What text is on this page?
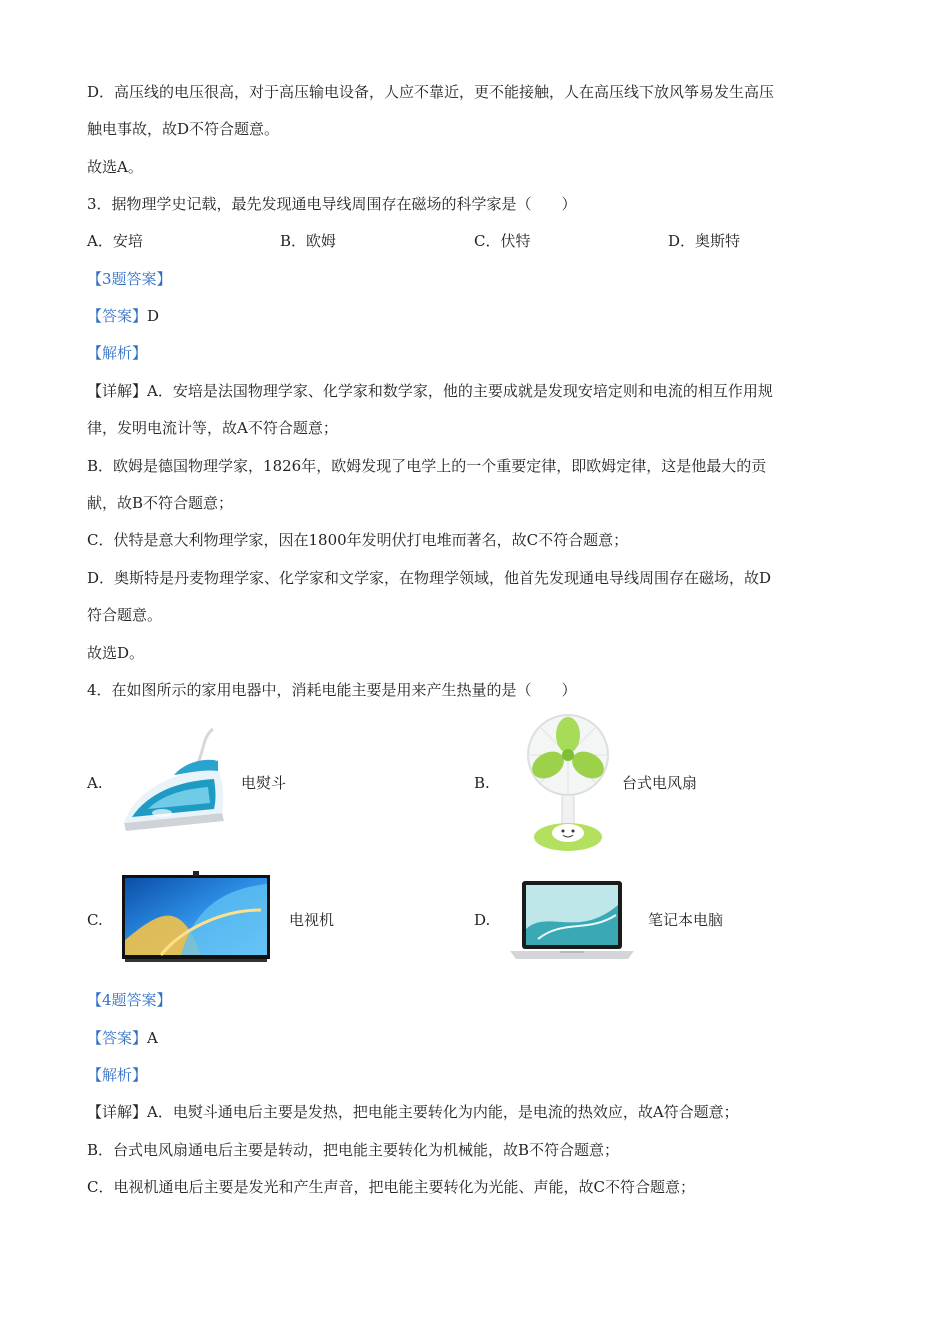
D．高压线的电压很高，对于高压输电设备，人应不靠近，更不能接触，人在高压线下放风筝易发生高压
触电事故，故D不符合题意。
故选A。
3．据物理学史记载，最先发现通电导线周围存在磁场的科学家是（　　）
A．安培	B．欧姆	C．伏特	D．奥斯特
【3题答案】
【答案】D
【解析】
【详解】A．安培是法国物理学家、化学家和数学家，他的主要成就是发现安培定则和电流的相互作用规
律，发明电流计等，故A不符合题意；
B．欧姆是德国物理学家，1826年，欧姆发现了电学上的一个重要定律，即欧姆定律，这是他最大的贡
献，故B不符合题意；
C．伏特是意大利物理学家，因在1800年发明伏打电堆而著名，故C不符合题意；
D．奥斯特是丹麦物理学家、化学家和文学家，在物理学领域，他首先发现通电导线周围存在磁场，故D
符合题意。
故选D。
4．在如图所示的家用电器中，消耗电能主要是用来产生热量的是（　　）
A.	电熨斗	B.	台式电风扇
C.	电视机	D.	笔记本电脑
【4题答案】
【答案】A
【解析】
【详解】A．电熨斗通电后主要是发热，把电能主要转化为内能，是电流的热效应，故A符合题意；
B．台式电风扇通电后主要是转动，把电能主要转化为机械能，故B不符合题意；
C．电视机通电后主要是发光和产生声音，把电能主要转化为光能、声能，故C不符合题意；
